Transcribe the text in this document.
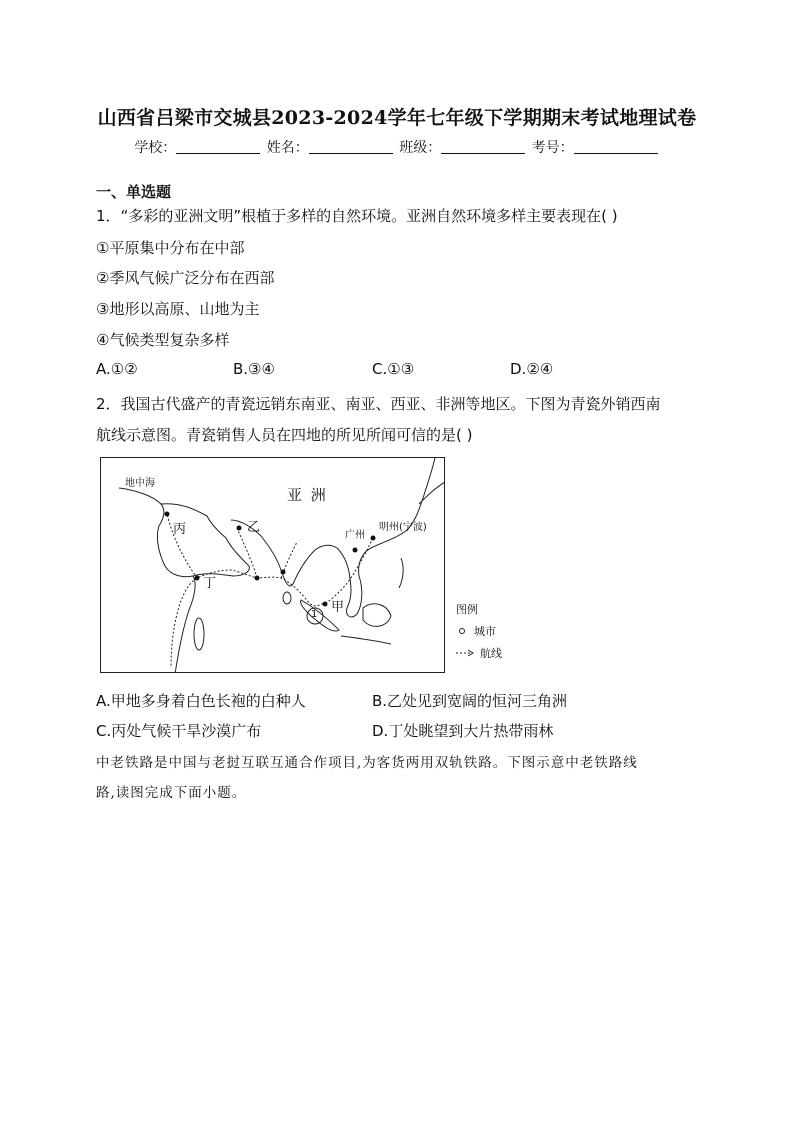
山西省吕梁市交城县2023-2024学年七年级下学期期末考试地理试卷
学校：	姓名：	班级：	考号：
一、单选题
1．“多彩的亚洲文明”根植于多样的自然环境。亚洲自然环境多样主要表现在( )
①平原集中分布在中部
②季风气候广泛分布在西部
③地形以高原、山地为主
④气候类型复杂多样
A.①②	B.③④	C.①③	D.②④
2．我国古代盛产的青瓷远销东南亚、南亚、西亚、非洲等地区。下图为青瓷外销西南
航线示意图。青瓷销售人员在四地的所见所闻可信的是( )
地中海
亚 洲
丙	乙
丁
甲
广州
明州(宁波)
1	图例
城市
航线
A.甲地多身着白色长袍的白种人	B.乙处见到宽阔的恒河三角洲
C.丙处气候干旱沙漠广布	D.丁处眺望到大片热带雨林
中老铁路是中国与老挝互联互通合作项目,为客货两用双轨铁路。下图示意中老铁路线
路,读图完成下面小题。
